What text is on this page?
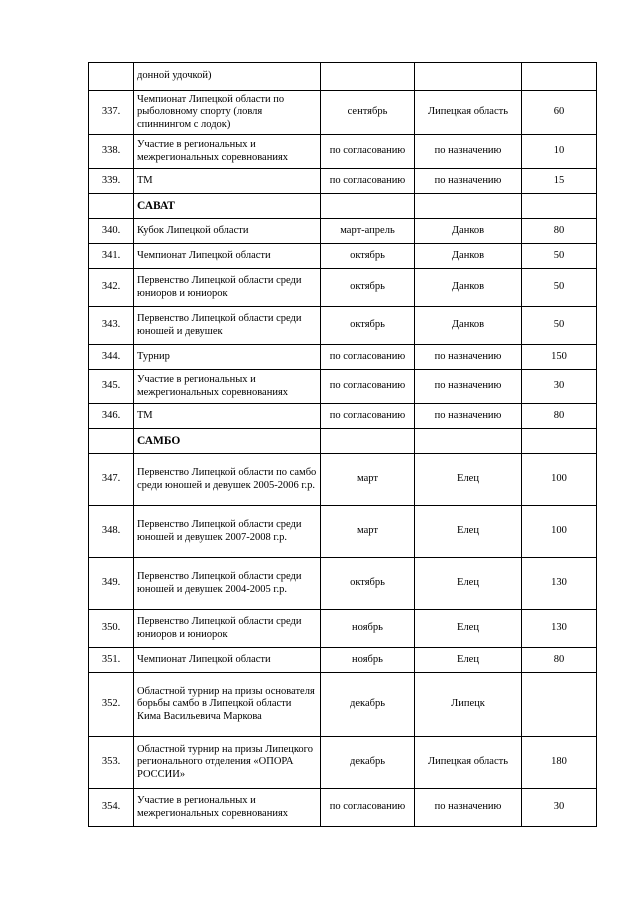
	донной удочкой)			
337.	Чемпионат Липецкой области по рыболовному спорту (ловля спиннингом с лодок)	сентябрь	Липецкая область	60
338.	Участие в региональных и межрегиональных соревнованиях	по согласованию	по назначению	10
339.	ТМ	по согласованию	по назначению	15
	САВАТ			
340.	Кубок Липецкой области	март-апрель	Данков	80
341.	Чемпионат Липецкой области	октябрь	Данков	50
342.	Первенство Липецкой области среди юниоров и юниорок	октябрь	Данков	50
343.	Первенство Липецкой области среди юношей и девушек	октябрь	Данков	50
344.	Турнир	по согласованию	по назначению	150
345.	Участие в региональных и межрегиональных соревнованиях	по согласованию	по назначению	30
346.	ТМ	по согласованию	по назначению	80
	САМБО			
347.	Первенство Липецкой области по самбо среди юношей и девушек 2005-2006 г.р.	март	Елец	100
348.	Первенство Липецкой области среди юношей и девушек 2007-2008 г.р.	март	Елец	100
349.	Первенство Липецкой области среди юношей и девушек 2004-2005 г.р.	октябрь	Елец	130
350.	Первенство Липецкой области среди юниоров и юниорок	ноябрь	Елец	130
351.	Чемпионат Липецкой области	ноябрь	Елец	80
352.	Областной турнир на призы основателя борьбы самбо в Липецкой области Кима Васильевича Маркова	декабрь	Липецк	
353.	Областной турнир на призы Липецкого регионального отделения «ОПОРА РОССИИ»	декабрь	Липецкая область	180
354.	Участие в региональных и межрегиональных соревнованиях	по согласованию	по назначению	30
